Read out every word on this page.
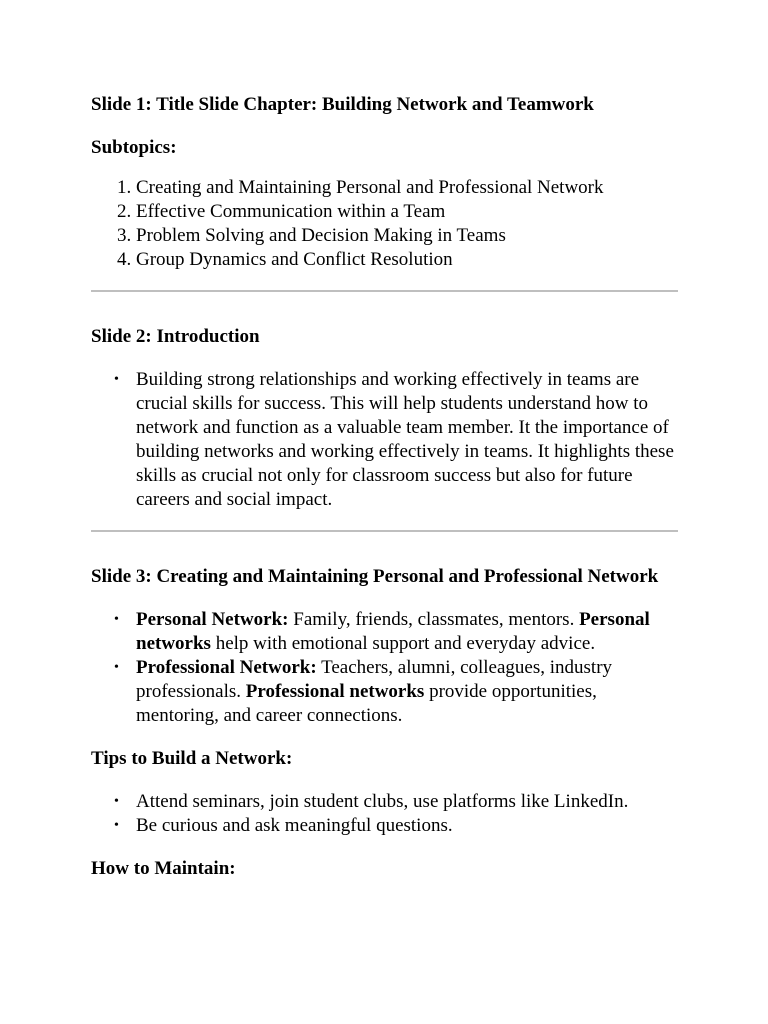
Slide 1: Title Slide Chapter: Building Network and Teamwork

Subtopics:

1. Creating and Maintaining Personal and Professional Network
2. Effective Communication within a Team
3. Problem Solving and Decision Making in Teams
4. Group Dynamics and Conflict Resolution

Slide 2: Introduction

• Building strong relationships and working effectively in teams are crucial skills for success. This will help students understand how to network and function as a valuable team member. It the importance of building networks and working effectively in teams. It highlights these skills as crucial not only for classroom success but also for future careers and social impact.

Slide 3: Creating and Maintaining Personal and Professional Network

• Personal Network: Family, friends, classmates, mentors. Personal networks help with emotional support and everyday advice.
• Professional Network: Teachers, alumni, colleagues, industry professionals. Professional networks provide opportunities, mentoring, and career connections.

Tips to Build a Network:

• Attend seminars, join student clubs, use platforms like LinkedIn.
• Be curious and ask meaningful questions.

How to Maintain:
